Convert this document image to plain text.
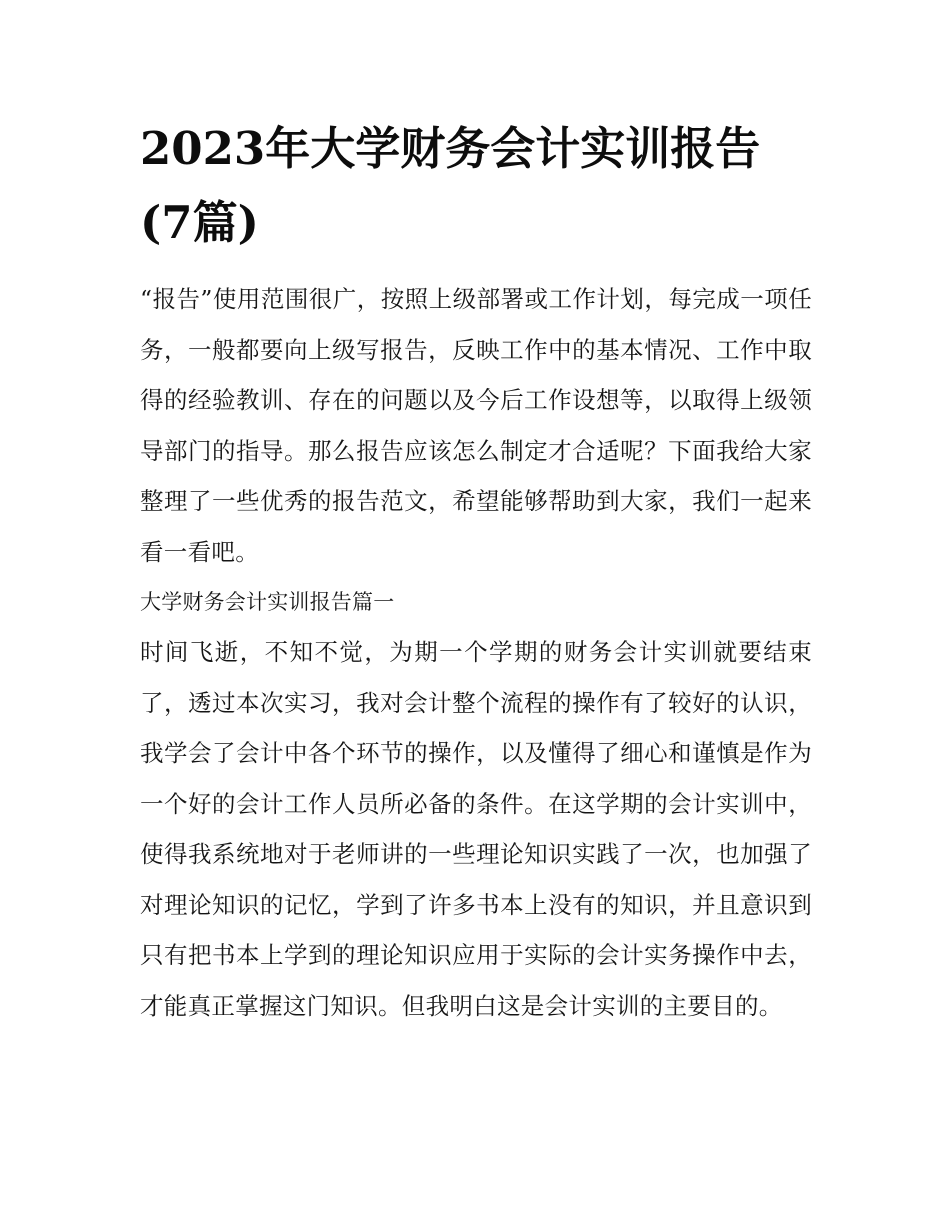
2023年大学财务会计实训报告(7篇)

“报告”使用范围很广，按照上级部署或工作计划，每完成一项任务，一般都要向上级写报告，反映工作中的基本情况、工作中取得的经验教训、存在的问题以及今后工作设想等，以取得上级领导部门的指导。那么报告应该怎么制定才合适呢？下面我给大家整理了一些优秀的报告范文，希望能够帮助到大家，我们一起来看一看吧。

大学财务会计实训报告篇一

时间飞逝，不知不觉，为期一个学期的财务会计实训就要结束了，透过本次实习，我对会计整个流程的操作有了较好的认识，我学会了会计中各个环节的操作，以及懂得了细心和谨慎是作为一个好的会计工作人员所必备的条件。在这学期的会计实训中，使得我系统地对于老师讲的一些理论知识实践了一次，也加强了对理论知识的记忆，学到了许多书本上没有的知识，并且意识到只有把书本上学到的理论知识应用于实际的会计实务操作中去，才能真正掌握这门知识。但我明白这是会计实训的主要目的。
